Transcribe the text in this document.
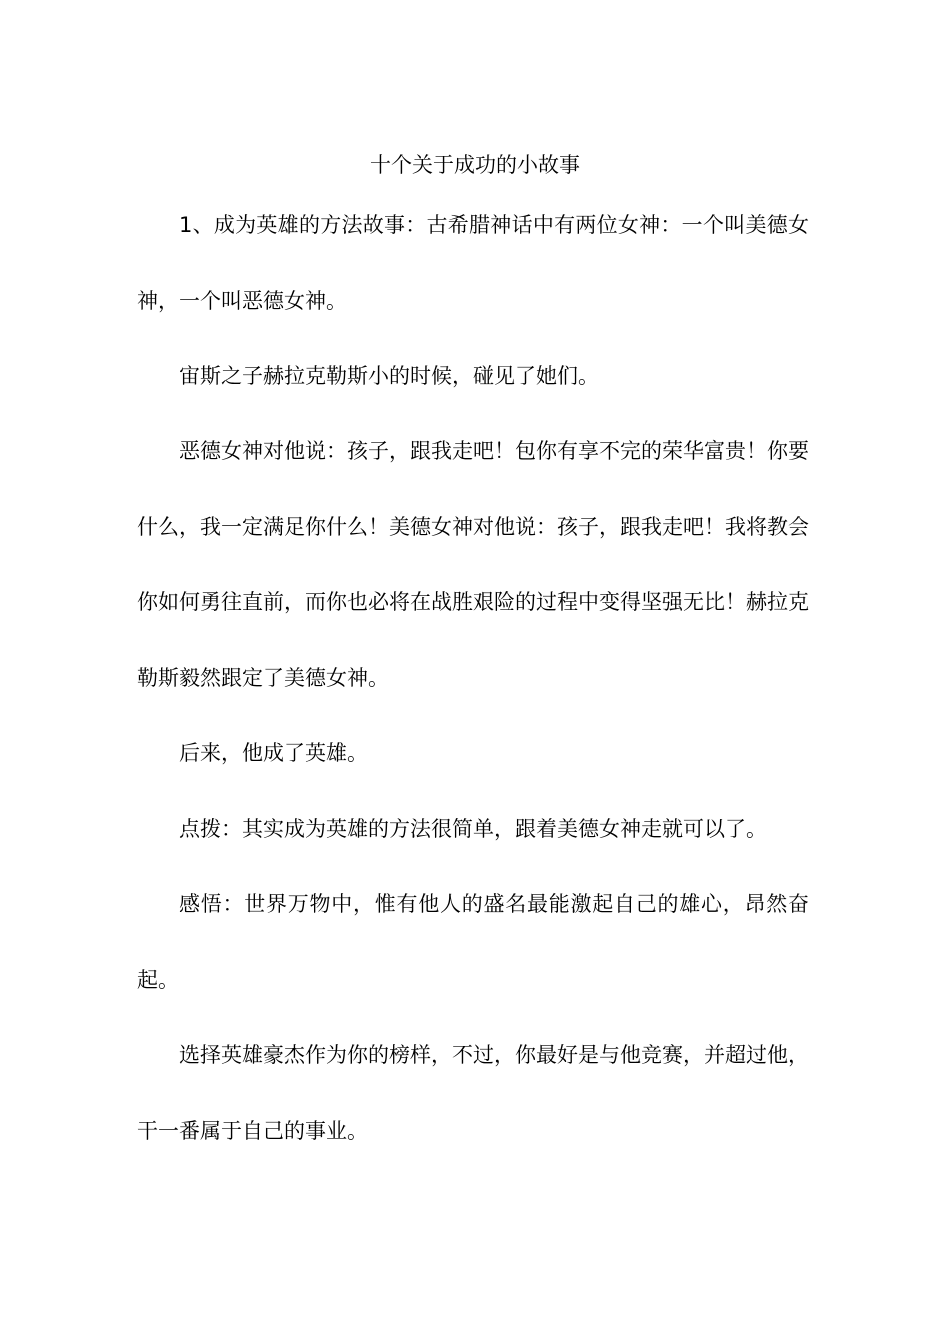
十个关于成功的小故事

1、成为英雄的方法故事：古希腊神话中有两位女神：一个叫美德女神，一个叫恶德女神。

宙斯之子赫拉克勒斯小的时候，碰见了她们。

恶德女神对他说：孩子，跟我走吧！包你有享不完的荣华富贵！你要什么，我一定满足你什么！美德女神对他说：孩子，跟我走吧！我将教会你如何勇往直前，而你也必将在战胜艰险的过程中变得坚强无比！赫拉克勒斯毅然跟定了美德女神。

后来，他成了英雄。

点拨：其实成为英雄的方法很简单，跟着美德女神走就可以了。

感悟：世界万物中，惟有他人的盛名最能激起自己的雄心，昂然奋起。

选择英雄豪杰作为你的榜样，不过，你最好是与他竞赛，并超过他，干一番属于自己的事业。
